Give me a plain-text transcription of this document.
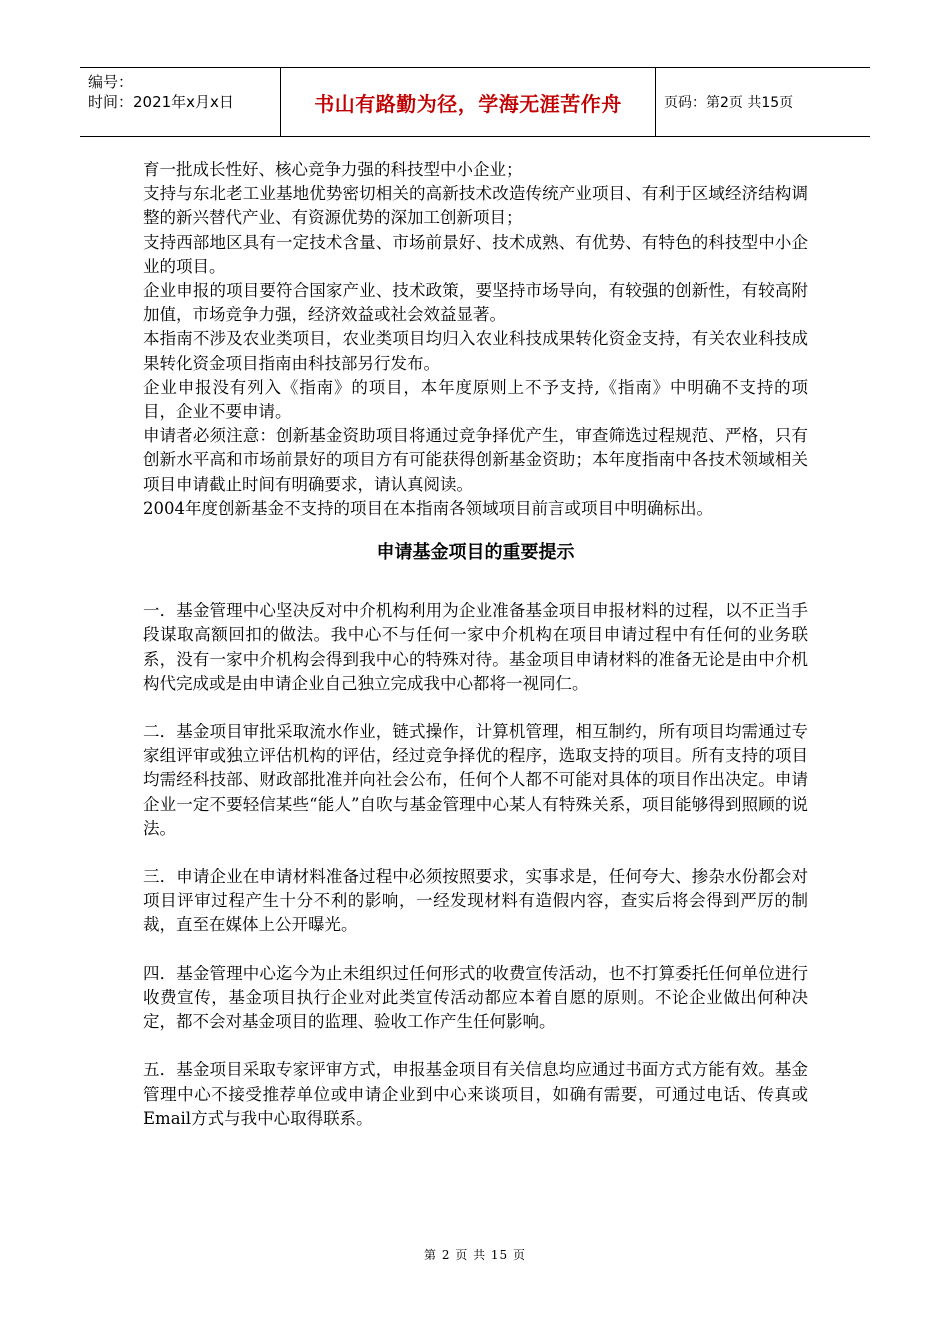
编号：
时间：2021年x月x日	书山有路勤为径，学海无涯苦作舟	页码：第2页 共15页

育一批成长性好、核心竞争力强的科技型中小企业；

支持与东北老工业基地优势密切相关的高新技术改造传统产业项目、有利于区域经济结构调整的新兴替代产业、有资源优势的深加工创新项目；

支持西部地区具有一定技术含量、市场前景好、技术成熟、有优势、有特色的科技型中小企业的项目。

企业申报的项目要符合国家产业、技术政策，要坚持市场导向，有较强的创新性，有较高附加值，市场竞争力强，经济效益或社会效益显著。

本指南不涉及农业类项目，农业类项目均归入农业科技成果转化资金支持，有关农业科技成果转化资金项目指南由科技部另行发布。

企业申报没有列入《指南》的项目，本年度原则上不予支持,《指南》中明确不支持的项目，企业不要申请。

申请者必须注意：创新基金资助项目将通过竞争择优产生，审查筛选过程规范、严格，只有创新水平高和市场前景好的项目方有可能获得创新基金资助；本年度指南中各技术领域相关项目申请截止时间有明确要求，请认真阅读。

2004年度创新基金不支持的项目在本指南各领域项目前言或项目中明确标出。

申请基金项目的重要提示

一．基金管理中心坚决反对中介机构利用为企业准备基金项目申报材料的过程，以不正当手段谋取高额回扣的做法。我中心不与任何一家中介机构在项目申请过程中有任何的业务联系，没有一家中介机构会得到我中心的特殊对待。基金项目申请材料的准备无论是由中介机构代完成或是由申请企业自己独立完成我中心都将一视同仁。

二．基金项目审批采取流水作业，链式操作，计算机管理，相互制约，所有项目均需通过专家组评审或独立评估机构的评估，经过竞争择优的程序，选取支持的项目。所有支持的项目均需经科技部、财政部批准并向社会公布，任何个人都不可能对具体的项目作出决定。申请企业一定不要轻信某些“能人”自吹与基金管理中心某人有特殊关系，项目能够得到照顾的说法。

三．申请企业在申请材料准备过程中必须按照要求，实事求是，任何夸大、掺杂水份都会对项目评审过程产生十分不利的影响，一经发现材料有造假内容，查实后将会得到严厉的制裁，直至在媒体上公开曝光。

四．基金管理中心迄今为止未组织过任何形式的收费宣传活动，也不打算委托任何单位进行收费宣传，基金项目执行企业对此类宣传活动都应本着自愿的原则。不论企业做出何种决定，都不会对基金项目的监理、验收工作产生任何影响。

五．基金项目采取专家评审方式，申报基金项目有关信息均应通过书面方式方能有效。基金管理中心不接受推荐单位或申请企业到中心来谈项目，如确有需要，可通过电话、传真或Email方式与我中心取得联系。

第 2 页 共 15 页
